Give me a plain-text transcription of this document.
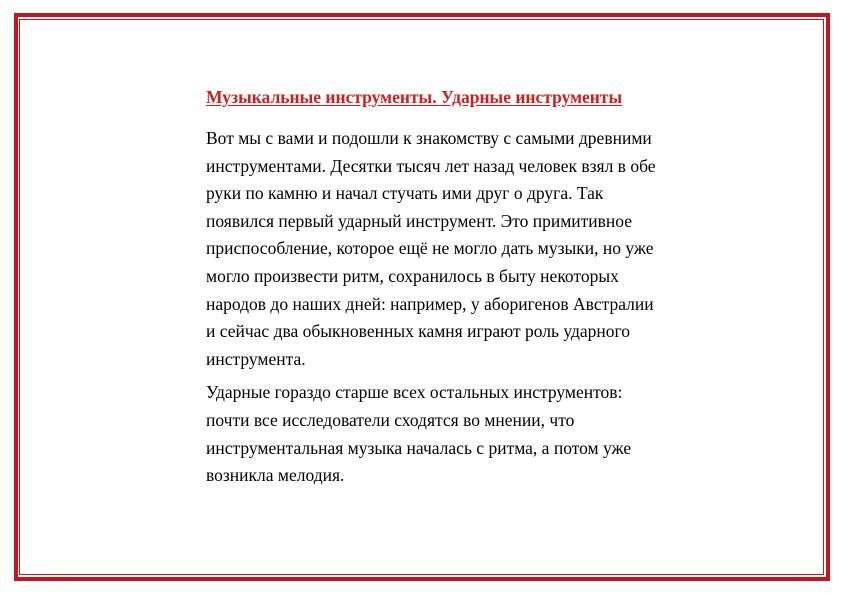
Музыкальные инструменты. Ударные инструменты

Вот мы с вами и подошли к знакомству с самыми древними
инструментами. Десятки тысяч лет назад человек взял в обе
руки по камню и начал стучать ими друг о друга. Так
появился первый ударный инструмент. Это примитивное
приспособление, которое ещё не могло дать музыки, но уже
могло произвести ритм, сохранилось в быту некоторых
народов до наших дней: например, у аборигенов Австралии
и сейчас два обыкновенных камня играют роль ударного
инструмента.

Ударные гораздо старше всех остальных инструментов:
почти все исследователи сходятся во мнении, что
инструментальная музыка началась с ритма, а потом уже
возникла мелодия.
